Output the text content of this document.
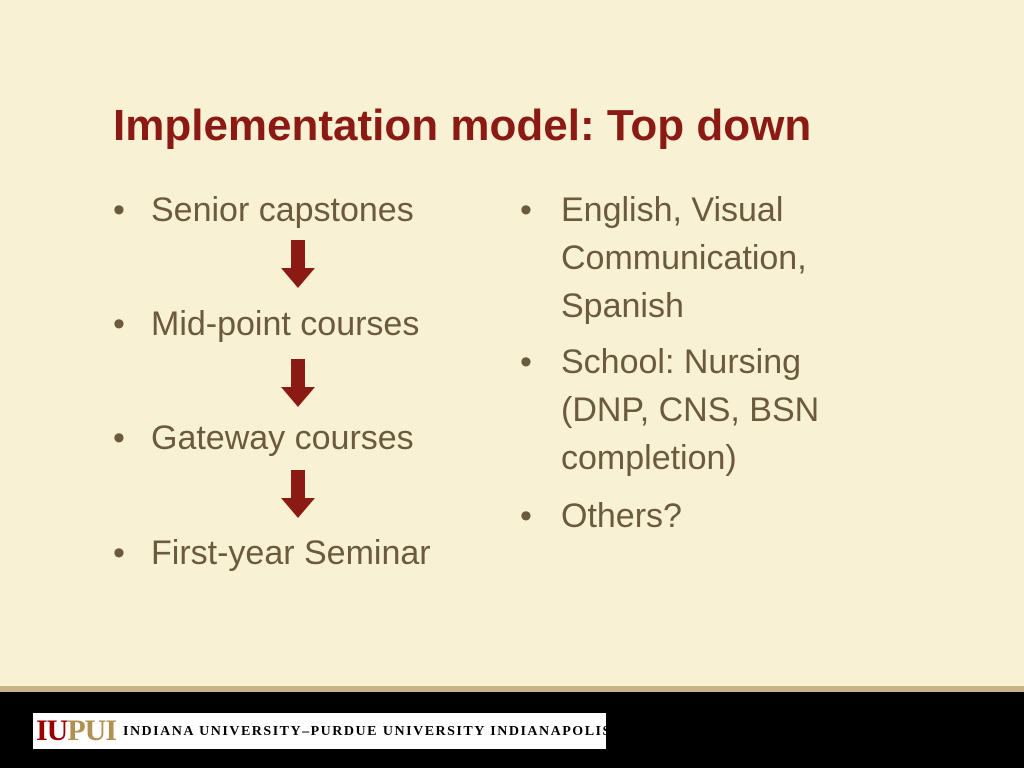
Implementation model: Top down
• Senior capstones
• Mid-point courses
• Gateway courses
• First-year Seminar
• English, Visual
Communication,
Spanish
• School: Nursing
(DNP, CNS, BSN
completion)
• Others?
IUPUI INDIANA UNIVERSITY–PURDUE UNIVERSITY INDIANAPOLIS
